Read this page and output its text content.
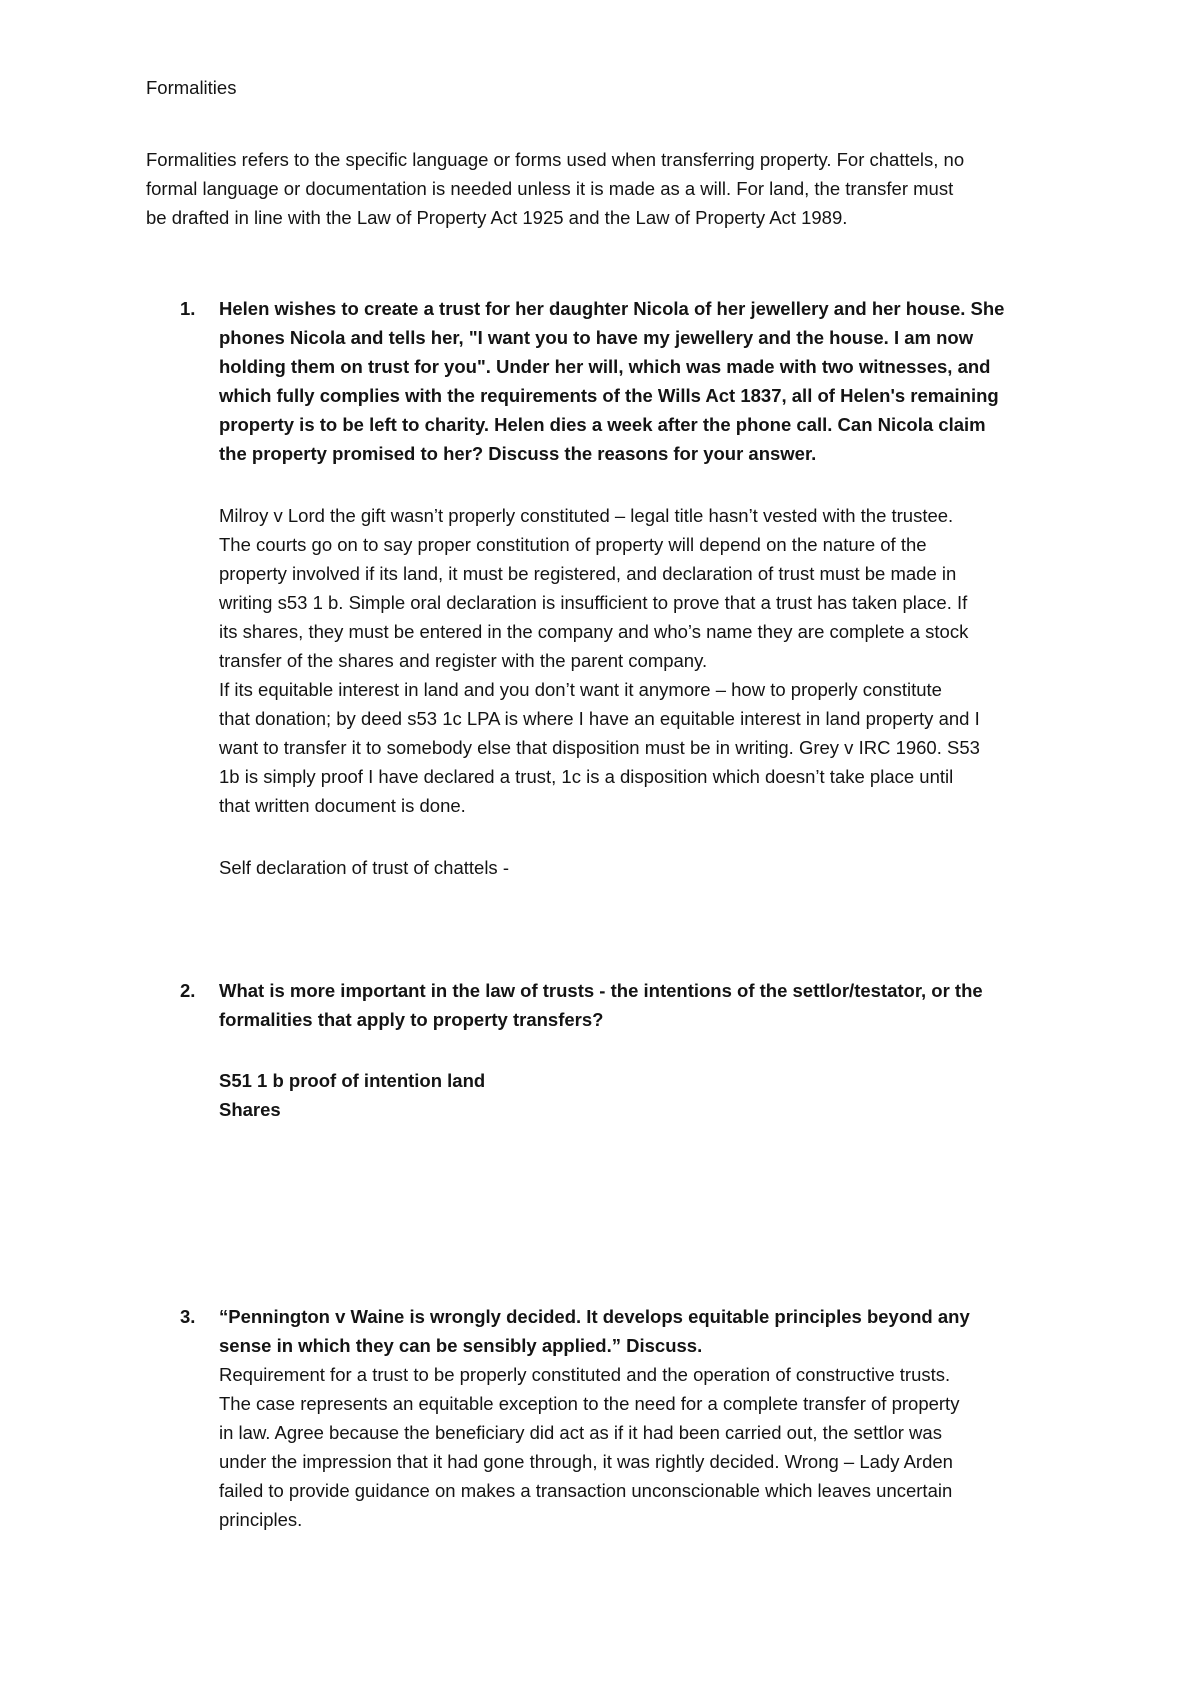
Formalities
Formalities refers to the specific language or forms used when transferring property. For chattels, no
formal language or documentation is needed unless it is made as a will. For land, the transfer must
be drafted in line with the Law of Property Act 1925 and the Law of Property Act 1989.
1. Helen wishes to create a trust for her daughter Nicola of her jewellery and her house. She
phones Nicola and tells her, "I want you to have my jewellery and the house. I am now
holding them on trust for you". Under her will, which was made with two witnesses, and
which fully complies with the requirements of the Wills Act 1837, all of Helen's remaining
property is to be left to charity. Helen dies a week after the phone call. Can Nicola claim
the property promised to her? Discuss the reasons for your answer.
Milroy v Lord the gift wasn’t properly constituted – legal title hasn’t vested with the trustee.
The courts go on to say proper constitution of property will depend on the nature of the
property involved if its land, it must be registered, and declaration of trust must be made in
writing s53 1 b. Simple oral declaration is insufficient to prove that a trust has taken place. If
its shares, they must be entered in the company and who’s name they are complete a stock
transfer of the shares and register with the parent company.
If its equitable interest in land and you don’t want it anymore – how to properly constitute
that donation; by deed s53 1c LPA is where I have an equitable interest in land property and I
want to transfer it to somebody else that disposition must be in writing. Grey v IRC 1960. S53
1b is simply proof I have declared a trust, 1c is a disposition which doesn’t take place until
that written document is done.
Self declaration of trust of chattels -
2. What is more important in the law of trusts - the intentions of the settlor/testator, or the
formalities that apply to property transfers?
S51 1 b proof of intention land
Shares
3. “Pennington v Waine is wrongly decided. It develops equitable principles beyond any
sense in which they can be sensibly applied.” Discuss.
Requirement for a trust to be properly constituted and the operation of constructive trusts.
The case represents an equitable exception to the need for a complete transfer of property
in law. Agree because the beneficiary did act as if it had been carried out, the settlor was
under the impression that it had gone through, it was rightly decided. Wrong – Lady Arden
failed to provide guidance on makes a transaction unconscionable which leaves uncertain
principles.
